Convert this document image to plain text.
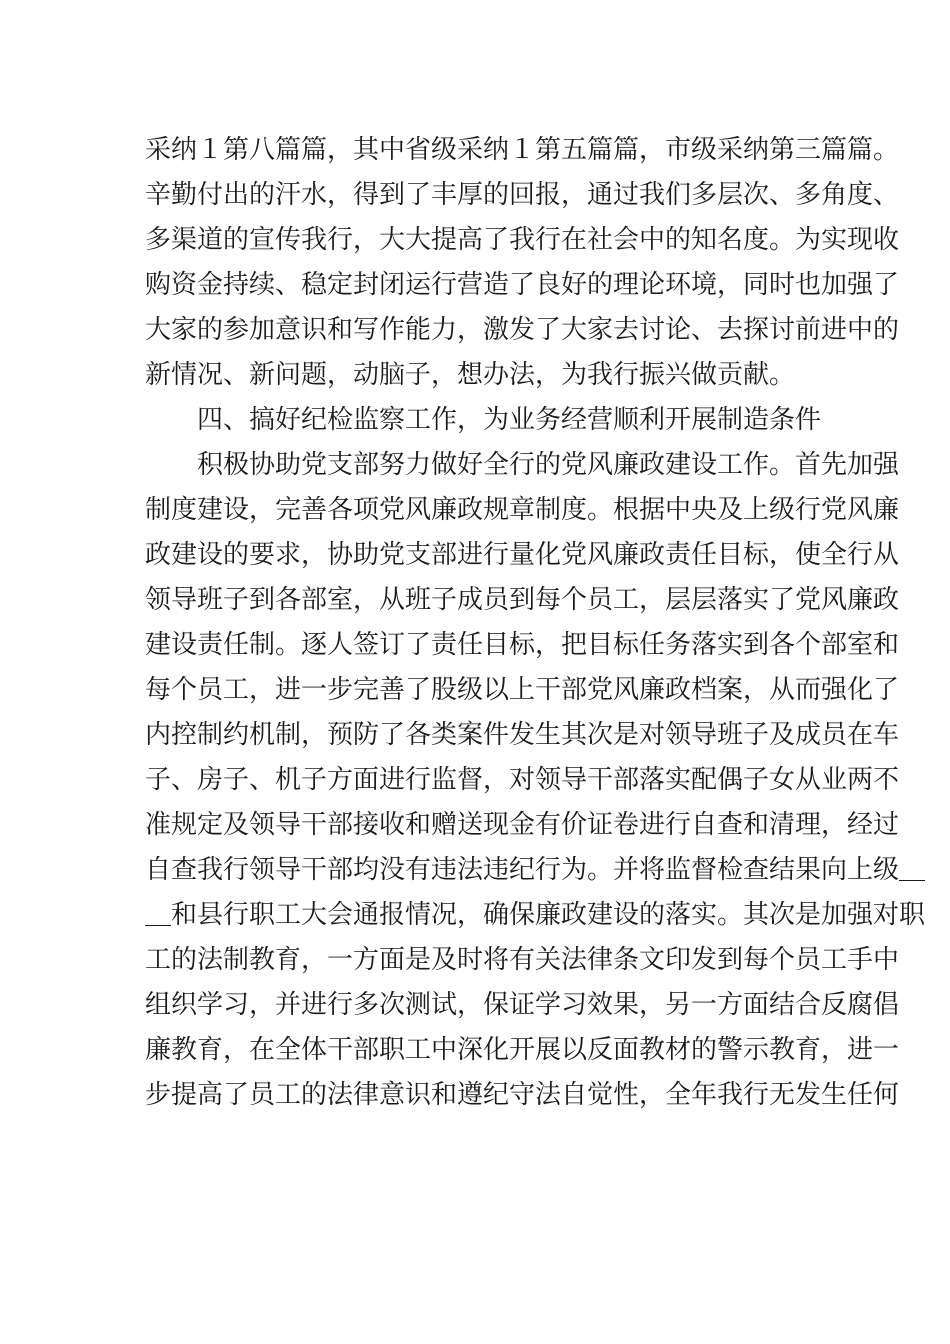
采纳１第八篇篇，其中省级采纳１第五篇篇，市级采纳第三篇篇。
辛勤付出的汗水，得到了丰厚的回报，通过我们多层次、多角度、
多渠道的宣传我行，大大提高了我行在社会中的知名度。为实现收
购资金持续、稳定封闭运行营造了良好的理论环境，同时也加强了
大家的参加意识和写作能力，激发了大家去讨论、去探讨前进中的
新情况、新问题，动脑子，想办法，为我行振兴做贡献。
四、搞好纪检监察工作，为业务经营顺利开展制造条件
积极协助党支部努力做好全行的党风廉政建设工作。首先加强
制度建设，完善各项党风廉政规章制度。根据中央及上级行党风廉
政建设的要求，协助党支部进行量化党风廉政责任目标，使全行从
领导班子到各部室，从班子成员到每个员工，层层落实了党风廉政
建设责任制。逐人签订了责任目标，把目标任务落实到各个部室和
每个员工，进一步完善了股级以上干部党风廉政档案，从而强化了
内控制约机制，预防了各类案件发生其次是对领导班子及成员在车
子、房子、机子方面进行监督，对领导干部落实配偶子女从业两不
准规定及领导干部接收和赠送现金有价证卷进行自查和清理，经过
自查我行领导干部均没有违法违纪行为。并将监督检查结果向上级＿
＿和县行职工大会通报情况，确保廉政建设的落实。其次是加强对职
工的法制教育，一方面是及时将有关法律条文印发到每个员工手中
组织学习，并进行多次测试，保证学习效果，另一方面结合反腐倡
廉教育，在全体干部职工中深化开展以反面教材的警示教育，进一
步提高了员工的法律意识和遵纪守法自觉性，全年我行无发生任何
